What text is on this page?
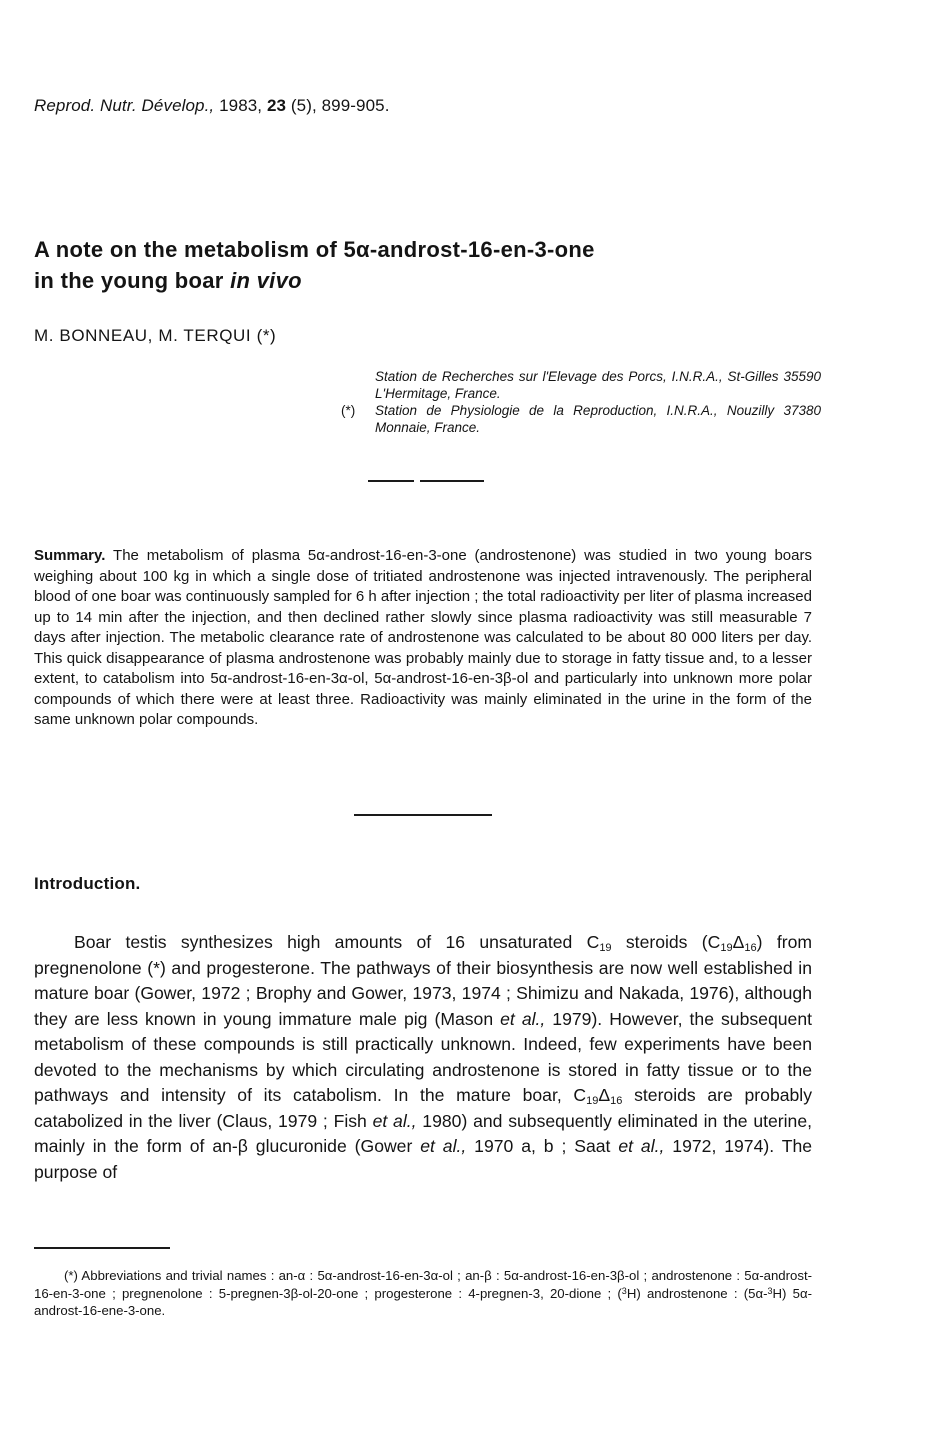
Reprod. Nutr. Dévelop., 1983, 23 (5), 899-905.
A note on the metabolism of 5α-androst-16-en-3-one
in the young boar in vivo
M. BONNEAU, M. TERQUI (*)
Station de Recherches sur l'Elevage des Porcs, I.N.R.A., St-Gilles 35590 L'Hermitage, France.
(*) Station de Physiologie de la Reproduction, I.N.R.A., Nouzilly 37380 Monnaie, France.
Summary. The metabolism of plasma 5α-androst-16-en-3-one (androstenone) was studied in two young boars weighing about 100 kg in which a single dose of tritiated androstenone was injected intravenously. The peripheral blood of one boar was continuously sampled for 6 h after injection ; the total radioactivity per liter of plasma increased up to 14 min after the injection, and then declined rather slowly since plasma radioactivity was still measurable 7 days after injection. The metabolic clearance rate of androstenone was calculated to be about 80 000 liters per day. This quick disappearance of plasma androstenone was probably mainly due to storage in fatty tissue and, to a lesser extent, to catabolism into 5α-androst-16-en-3α-ol, 5α-androst-16-en-3β-ol and particularly into unknown more polar compounds of which there were at least three. Radioactivity was mainly eliminated in the urine in the form of the same unknown polar compounds.
Introduction.
Boar testis synthesizes high amounts of 16 unsaturated $C_{19}$ steroids $(C_{19}\Delta_{16})$ from pregnenolone (*) and progesterone. The pathways of their biosynthesis are now well established in mature boar (Gower, 1972 ; Brophy and Gower, 1973, 1974 ; Shimizu and Nakada, 1976), although they are less known in young immature male pig (Mason et al., 1979). However, the subsequent metabolism of these compounds is still practically unknown. Indeed, few experiments have been devoted to the mechanisms by which circulating androstenone is stored in fatty tissue or to the pathways and intensity of its catabolism. In the mature boar, $C_{19}\Delta_{16}$ steroids are probably catabolized in the liver (Claus, 1979 ; Fish et al., 1980) and subsequently eliminated in the uterine, mainly in the form of an-β glucuronide (Gower et al., 1970 a, b ; Saat et al., 1972, 1974). The purpose of
(*) Abbreviations and trivial names : an-α : 5α-androst-16-en-3α-ol ; an-β : 5α-androst-16-en-3β-ol ; androstenone : 5α-androst-16-en-3-one ; pregnenolone : 5-pregnen-3β-ol-20-one ; progesterone : 4-pregnen-3, 20-dione ; ($^3$H) androstenone : (5α-$^3$H) 5α-androst-16-ene-3-one.
